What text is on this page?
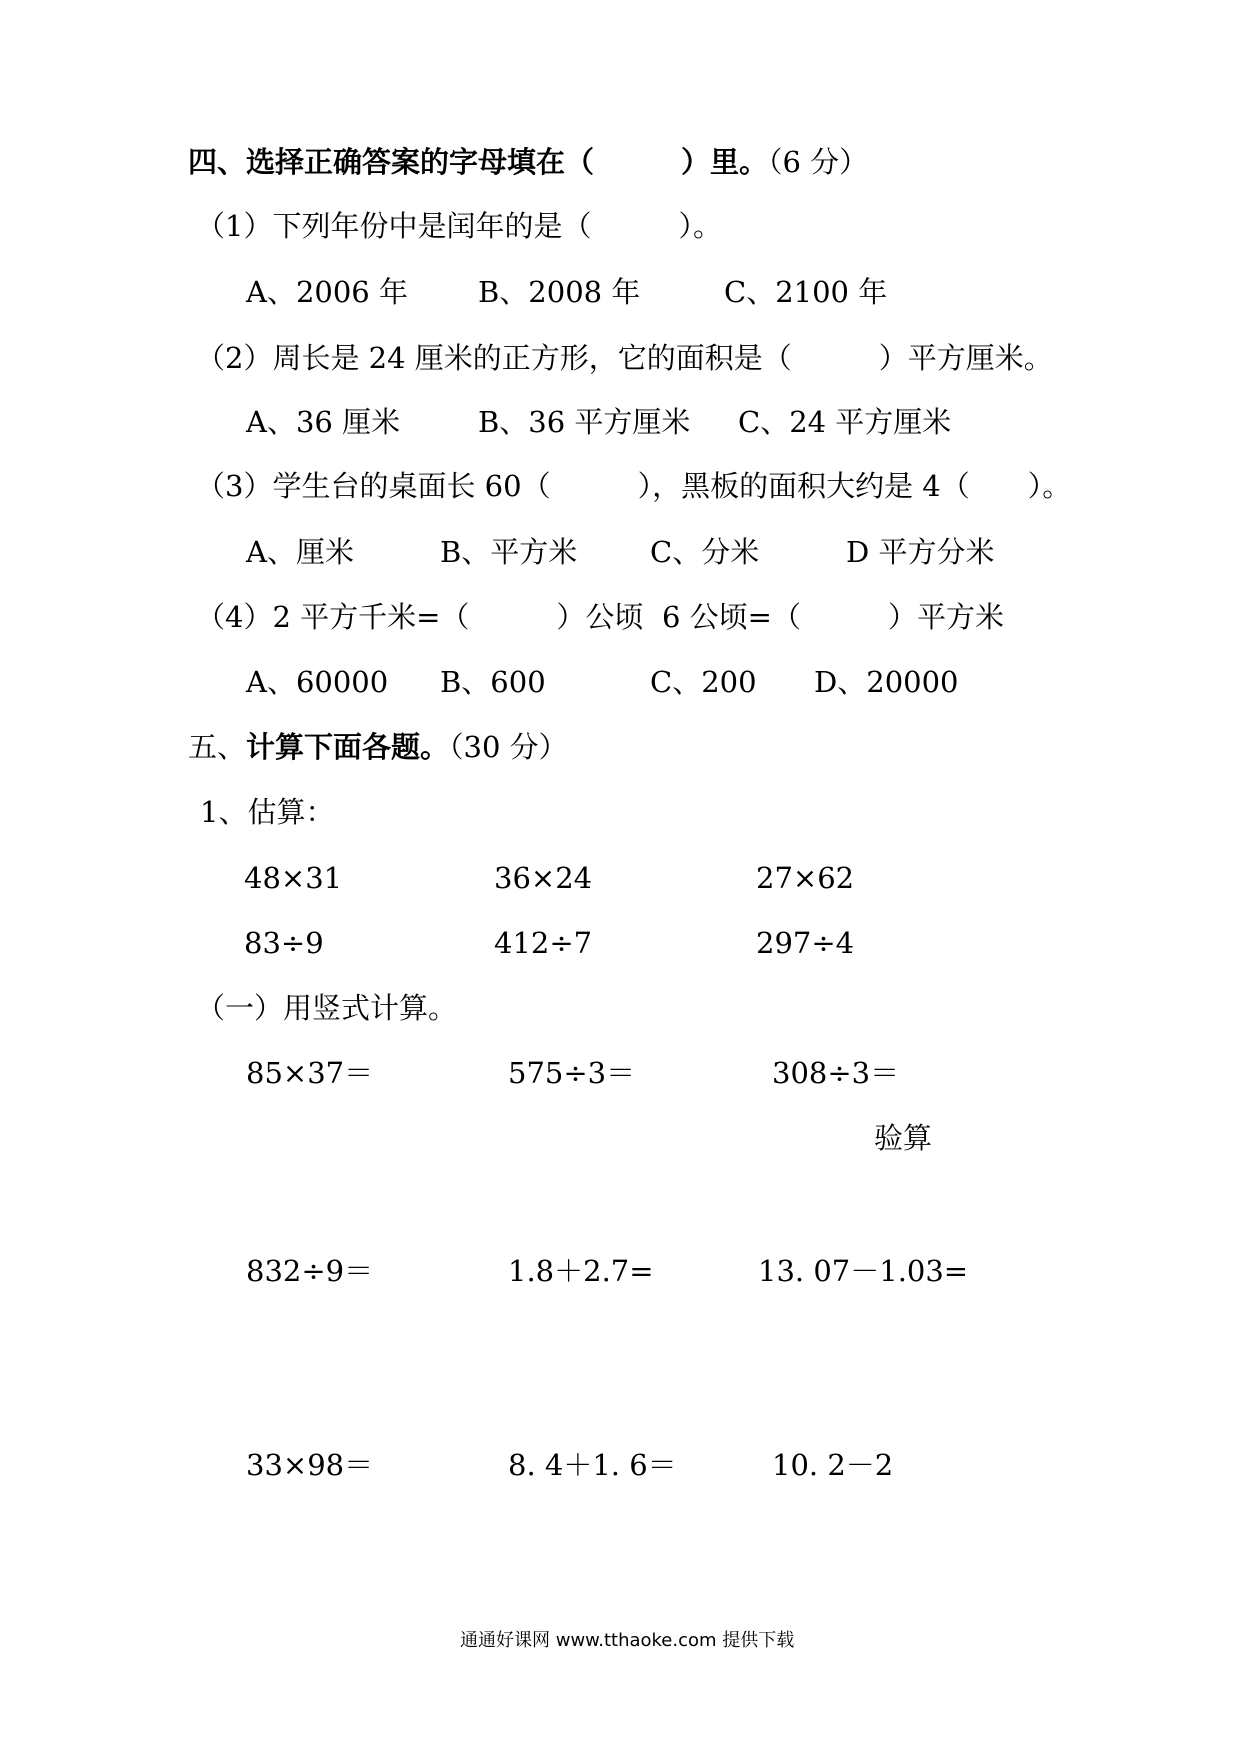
四、选择正确答案的字母填在（　　　）里。（6 分）
（1）下列年份中是闰年的是（　　　）。
A、2006 年 B、2008 年	C、2100 年
（2）周长是 24 厘米的正方形，它的面积是（　　　）平方厘米。
A、36 厘米	B、36 平方厘米 C、24 平方厘米
（3）学生台的桌面长 60（　　　），黑板的面积大约是 4（　　）。
A、厘米	B、平方米	C、分米	D 平方分米
（4）2 平方千米=（　　　）公顷 6 公顷=（　　　）平方米
A、60000 B、600	C、200 D、20000
五、计算下面各题。（30 分）
1、估算：
48×31	36×24	27×62
83÷9	412÷7	297÷4
（一）用竖式计算。
85×37＝	575÷3＝	308÷3＝
验算
832÷9＝	1.8＋2.7=	13. 07－1.03=
33×98＝	8. 4＋1. 6＝	10. 2－2
通通好课网 www.tthaoke.com 提供下载
